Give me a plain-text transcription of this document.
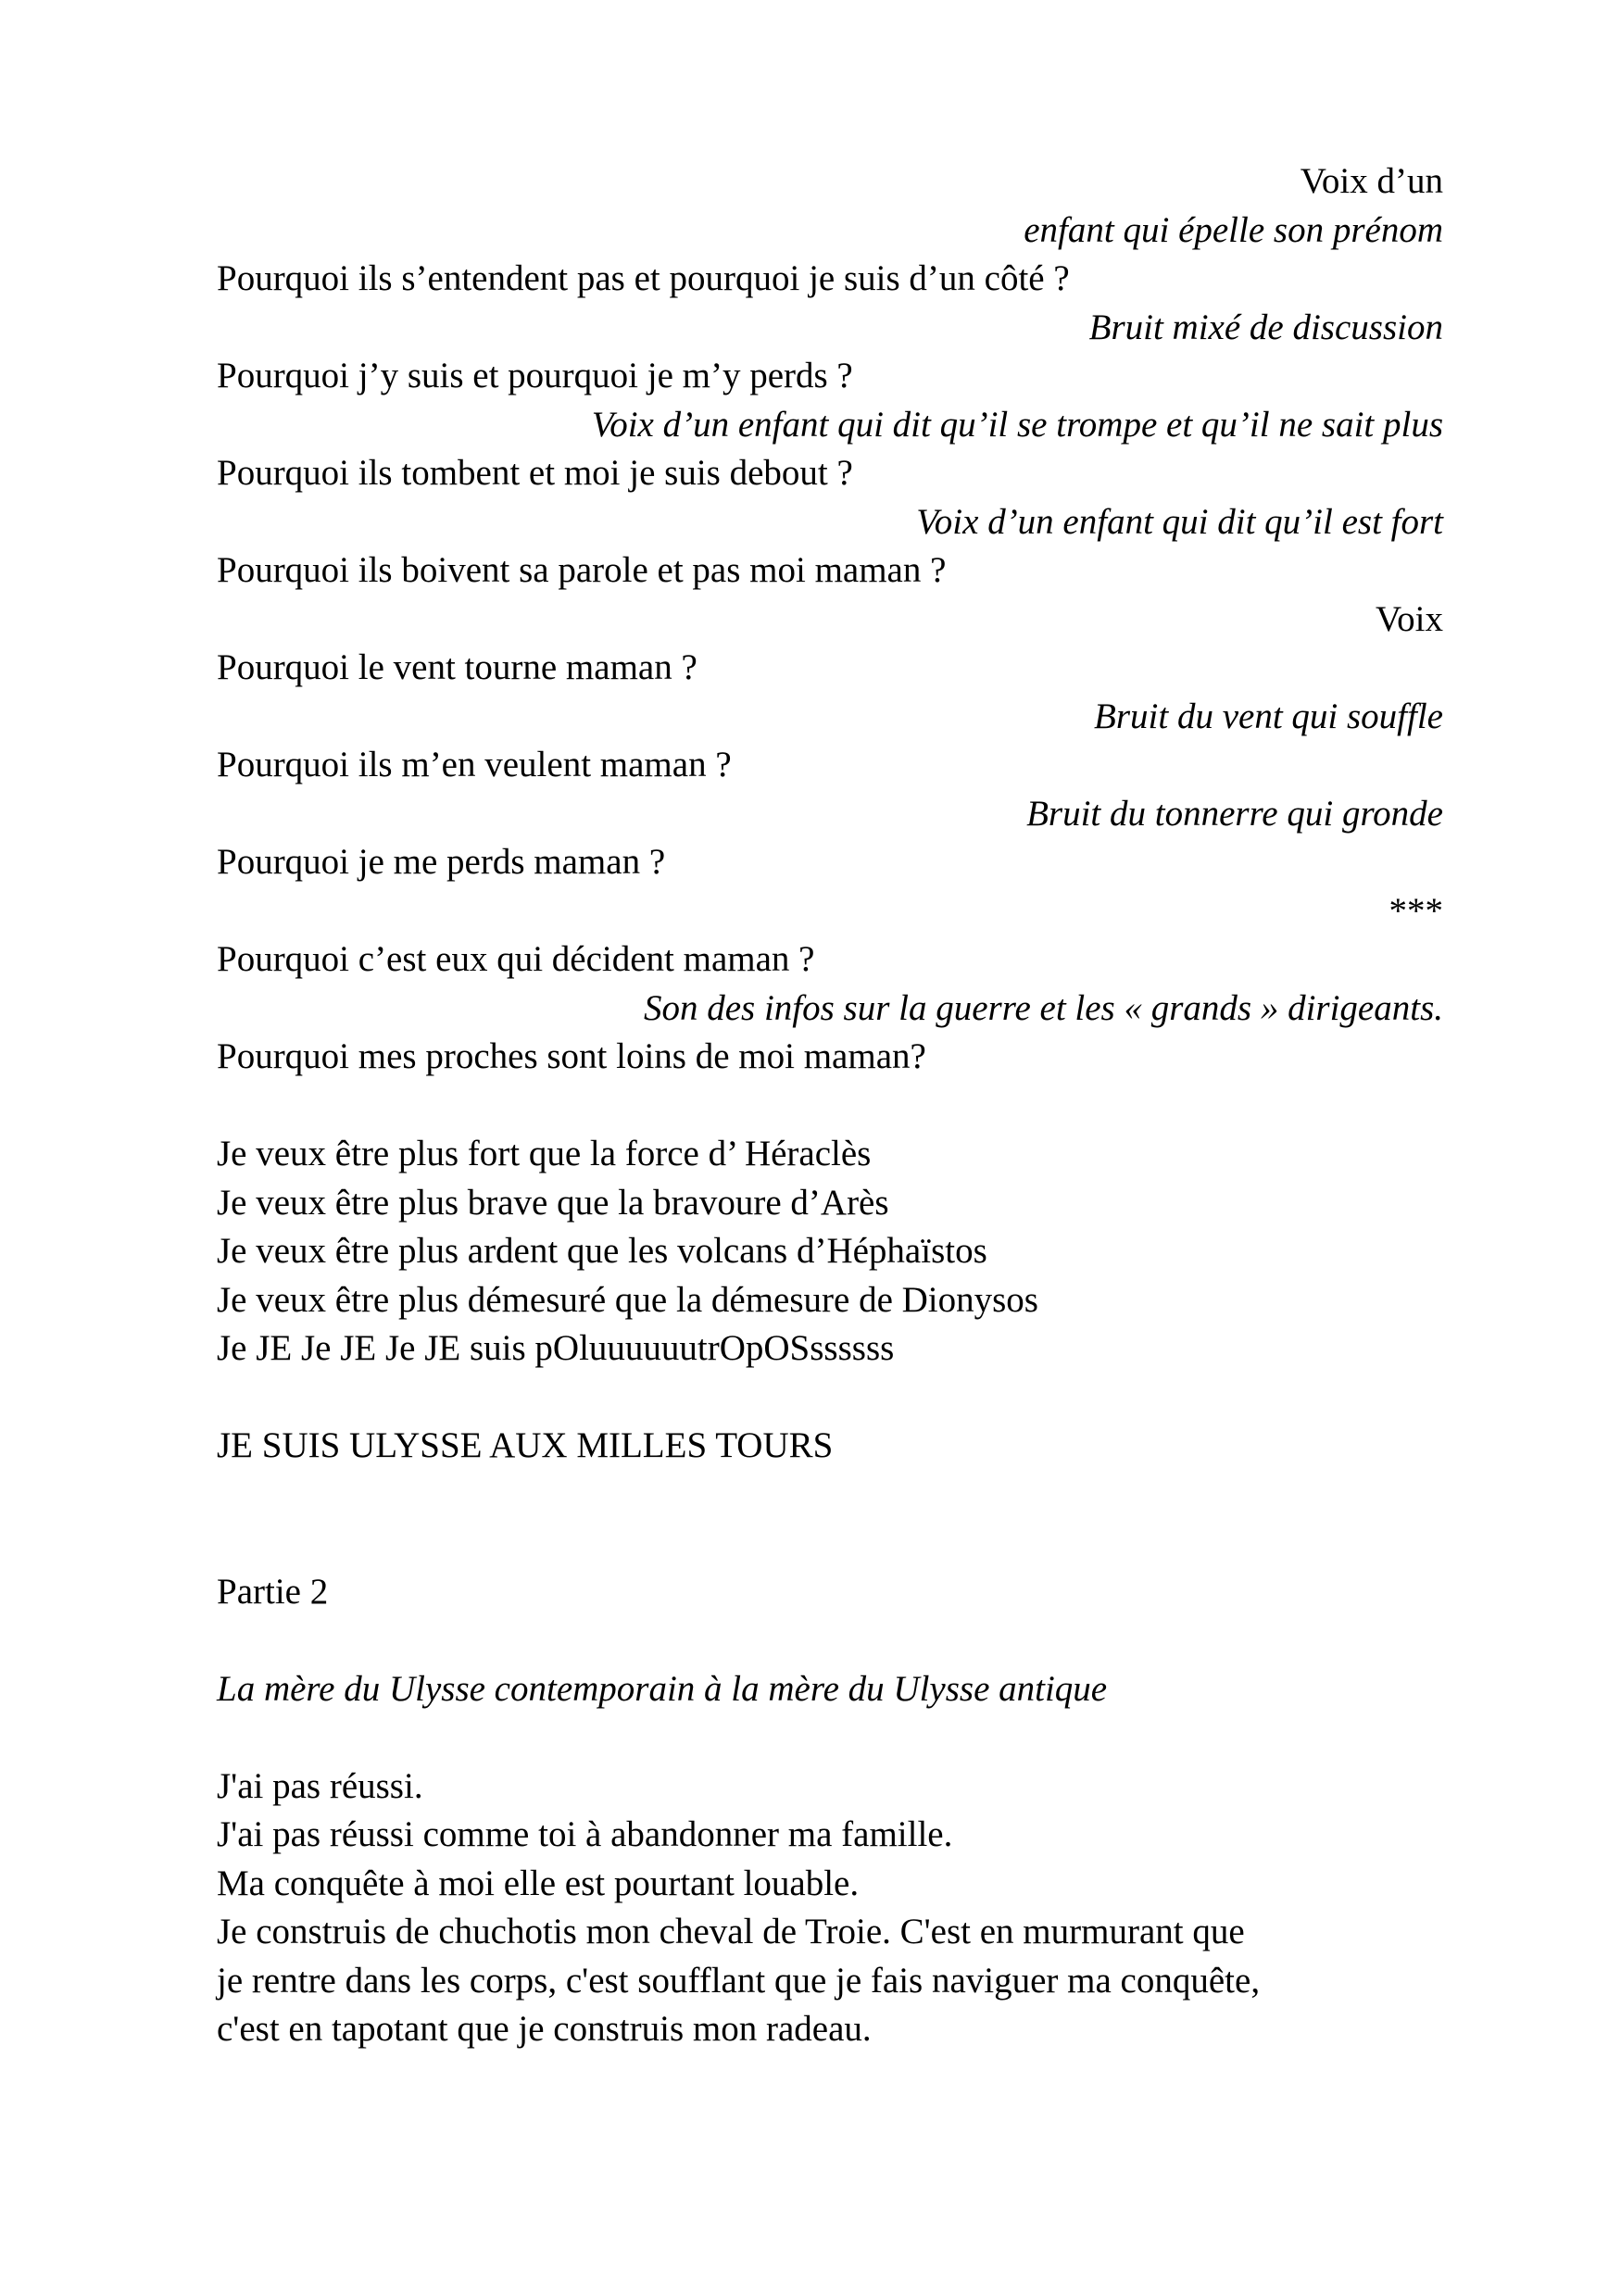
Voix d’un
enfant qui épelle son prénom
Pourquoi ils s’entendent pas et pourquoi je suis d’un côté ?
Bruit mixé de discussion
Pourquoi j’y suis et pourquoi je m’y perds ?
Voix d’un enfant qui dit qu’il se trompe et qu’il ne sait plus
Pourquoi ils tombent et moi je suis debout ?
Voix d’un enfant qui dit qu’il est fort
Pourquoi ils boivent sa parole et pas moi maman ?
Voix
Pourquoi le vent tourne maman ?
Bruit du vent qui souffle
Pourquoi ils m’en veulent maman ?
Bruit du tonnerre qui gronde
Pourquoi je me perds maman ?
***
Pourquoi c’est eux qui décident maman ?
Son des infos sur la guerre et les « grands » dirigeants.
Pourquoi mes proches sont loins de moi maman?
Je veux être plus fort que la force d’ Héraclès
Je veux être plus brave que la bravoure d’Arès
Je veux être plus ardent que les volcans d’Héphaïstos
Je veux être plus démesuré que la démesure de Dionysos
Je JE Je JE Je JE suis pOluuuuuutrOpOSssssss
JE SUIS ULYSSE AUX MILLES TOURS
Partie 2
La mère du Ulysse contemporain à la mère du Ulysse antique
J'ai pas réussi.
J'ai pas réussi comme toi à abandonner ma famille.
Ma conquête à moi elle est pourtant louable.
Je construis de chuchotis mon cheval de Troie. C'est en murmurant que
je rentre dans les corps, c'est soufflant que je fais naviguer ma conquête,
c'est en tapotant que je construis mon radeau.
